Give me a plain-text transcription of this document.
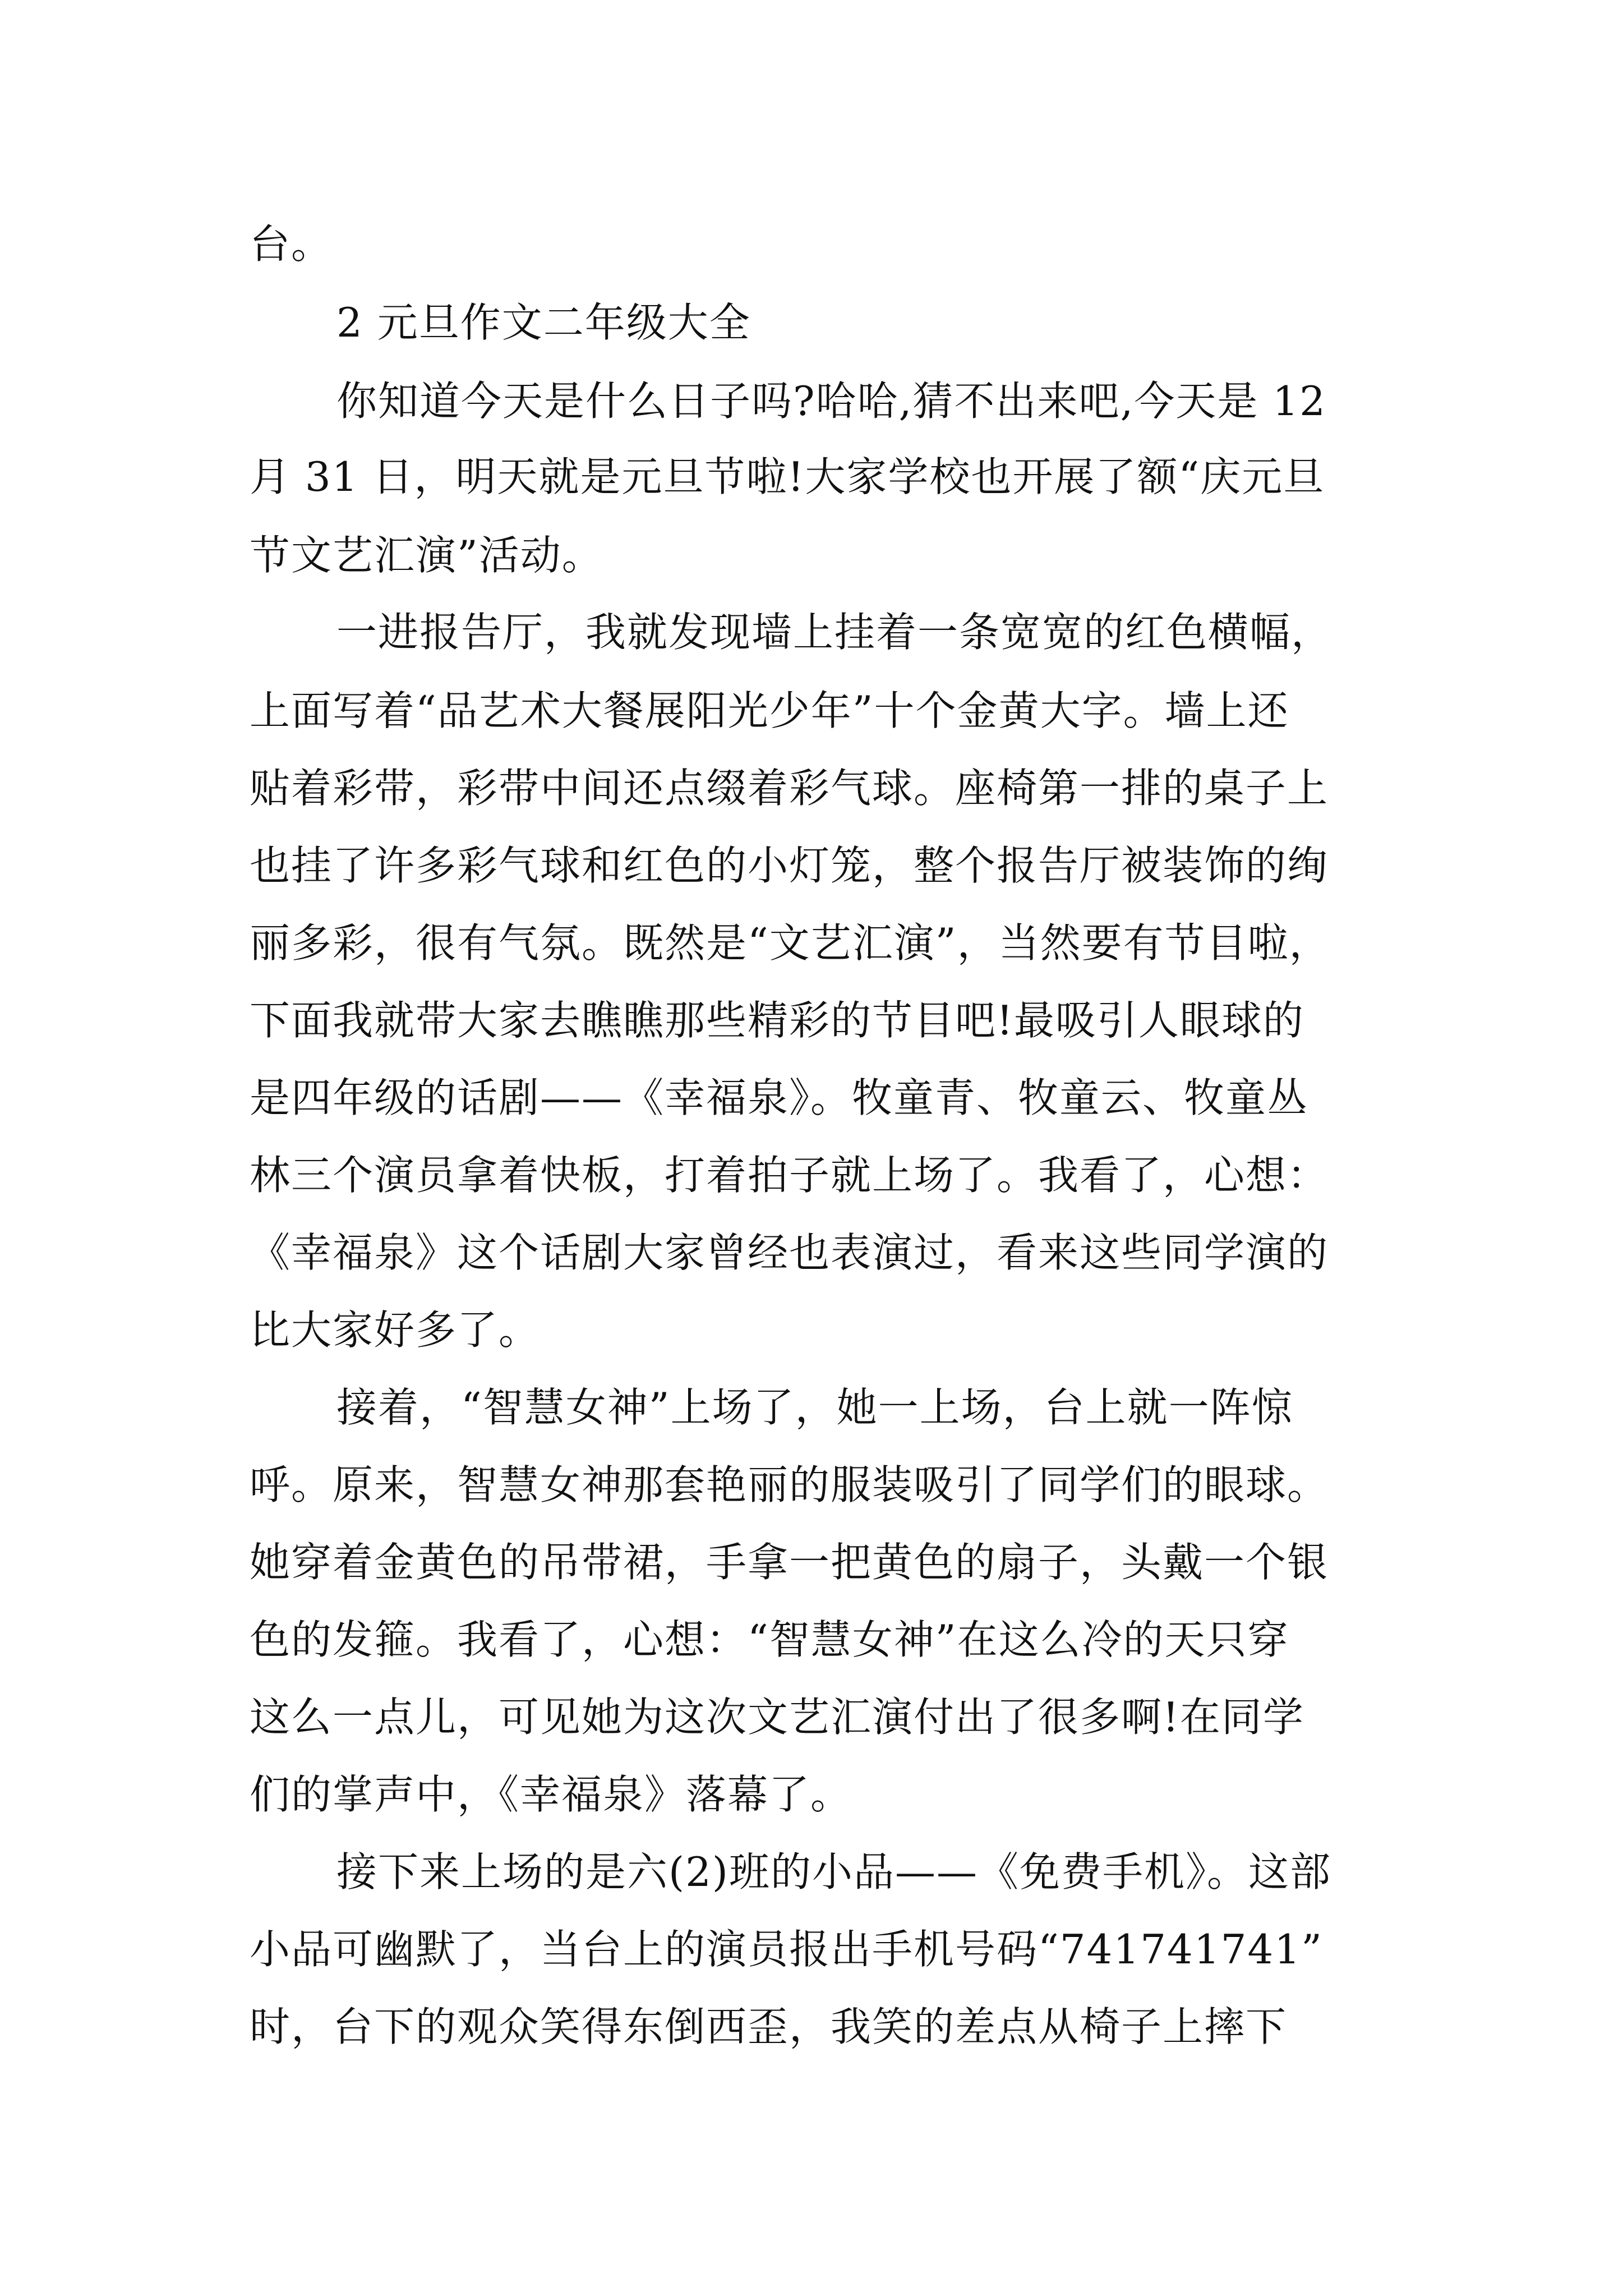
台。
2 元旦作文二年级大全
你知道今天是什么日子吗?哈哈,猜不出来吧,今天是 12
月 31 日，明天就是元旦节啦!大家学校也开展了额“庆元旦
节文艺汇演”活动。
一进报告厅，我就发现墙上挂着一条宽宽的红色横幅，
上面写着“品艺术大餐展阳光少年”十个金黄大字。墙上还
贴着彩带，彩带中间还点缀着彩气球。座椅第一排的桌子上
也挂了许多彩气球和红色的小灯笼，整个报告厅被装饰的绚
丽多彩，很有气氛。既然是“文艺汇演”，当然要有节目啦，
下面我就带大家去瞧瞧那些精彩的节目吧!最吸引人眼球的
是四年级的话剧——《幸福泉》。牧童青、牧童云、牧童丛
林三个演员拿着快板，打着拍子就上场了。我看了，心想：
《幸福泉》这个话剧大家曾经也表演过，看来这些同学演的
比大家好多了。
接着，“智慧女神”上场了，她一上场，台上就一阵惊
呼。原来，智慧女神那套艳丽的服装吸引了同学们的眼球。
她穿着金黄色的吊带裙，手拿一把黄色的扇子，头戴一个银
色的发箍。我看了，心想：“智慧女神”在这么冷的天只穿
这么一点儿，可见她为这次文艺汇演付出了很多啊!在同学
们的掌声中，《幸福泉》落幕了。
接下来上场的是六(2)班的小品——《免费手机》。这部
小品可幽默了，当台上的演员报出手机号码“741741741”
时，台下的观众笑得东倒西歪，我笑的差点从椅子上摔下
